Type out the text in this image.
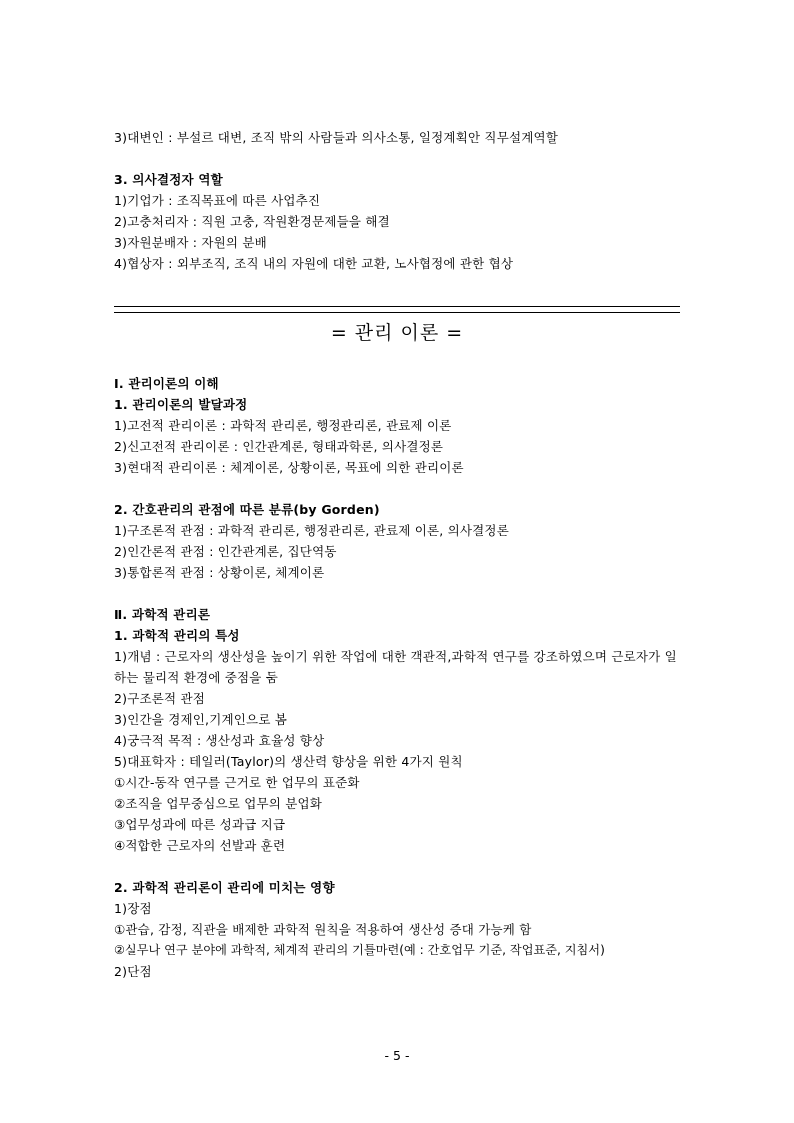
3)대변인 : 부설르 대변, 조직 밖의 사람들과 의사소통, 일정계획안 직무설계역할
3. 의사결정자 역할
1)기업가 : 조직목표에 따른 사업추진
2)고충처리자 : 직원 고충, 작원환경문제들을 해결
3)자원분배자 : 자원의 분배
4)협상자 : 외부조직, 조직 내의 자원에 대한 교환, 노사협정에 관한 협상
= 관리 이론 =
Ⅰ. 관리이론의 이해
1. 관리이론의 발달과정
1)고전적 관리이론 : 과학적 관리론, 행정관리론, 관료제 이론
2)신고전적 관리이론 : 인간관계론, 형태과학론, 의사결정론
3)현대적 관리이론 : 체계이론, 상황이론, 목표에 의한 관리이론
2. 간호관리의 관점에 따른 분류(by Gorden)
1)구조론적 관점 : 과학적 관리론, 행정관리론, 관료제 이론, 의사결정론
2)인간론적 관점 : 인간관계론, 집단역동
3)통합론적 관점 : 상황이론, 체계이론
Ⅱ. 과학적 관리론
1. 과학적 관리의 특성
1)개념 : 근로자의 생산성을 높이기 위한 작업에 대한 객관적,과학적 연구를 강조하였으며 근로자가 일하는 물리적 환경에 중점을 둠
2)구조론적 관점
3)인간을 경제인,기계인으로 봄
4)궁극적 목적 : 생산성과 효율성 향상
5)대표학자 : 테일러(Taylor)의 생산력 향상을 위한 4가지 원칙
①시간-동작 연구를 근거로 한 업무의 표준화
②조직을 업무중심으로 업무의 분업화
③업무성과에 따른 성과급 지급
④적합한 근로자의 선발과 훈련
2. 과학적 관리론이 관리에 미치는 영향
1)장점
①관습, 감정, 직관을 배제한 과학적 원칙을 적용하여 생산성 증대 가능케 함
②실무나 연구 분야에 과학적, 체계적 관리의 기틀마련(예 : 간호업무 기준, 작업표준, 지침서)
2)단점
- 5 -
